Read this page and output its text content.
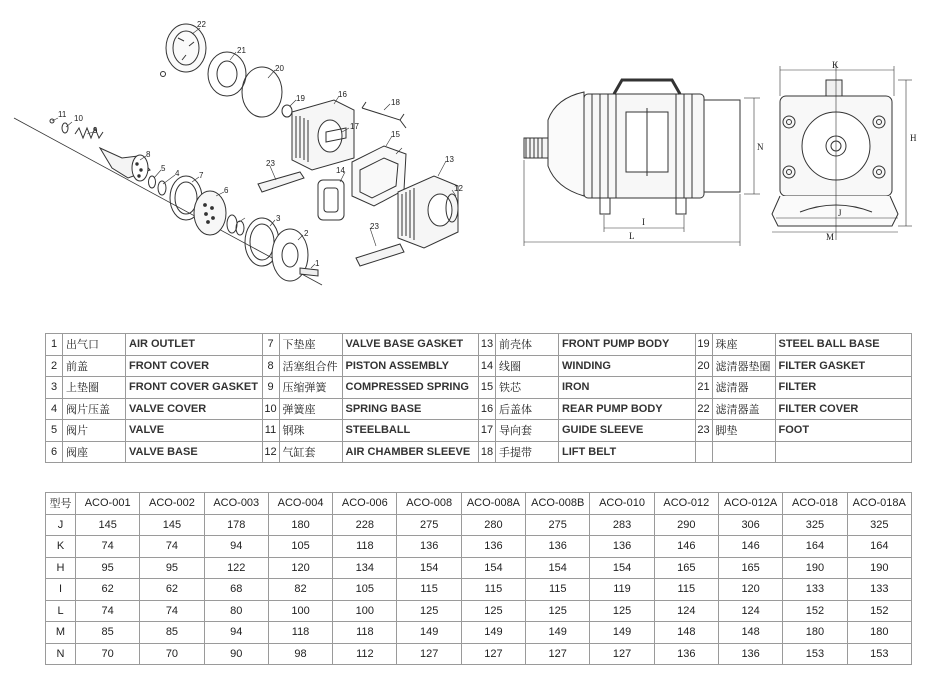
1
2
3
4
5
6
7
8
9
10
11
12
13
14
15
16
17
18
19
20
21
22
23
23
N
I
L
K
H
J
M
1	出气口	AIR OUTLET	7	下垫座	VALVE BASE GASKET	13	前壳体	FRONT PUMP BODY	19	珠座	STEEL BALL BASE
2	前盖	FRONT COVER	8	活塞组合件	PISTON ASSEMBLY	14	线圈	WINDING	20	滤清器垫圈	FILTER GASKET
3	上垫圈	FRONT COVER GASKET	9	压缩弹簧	COMPRESSED SPRING	15	铁芯	IRON	21	滤清器	FILTER
4	阀片压盖	VALVE COVER	10	弹簧座	SPRING BASE	16	后盖体	REAR PUMP BODY	22	滤清器盖	FILTER COVER
5	阀片	VALVE	11	钢珠	STEELBALL	17	导向套	GUIDE SLEEVE	23	脚垫	FOOT
6	阀座	VALVE BASE	12	气缸套	AIR CHAMBER SLEEVE	18	手提带	LIFT BELT			
型号	ACO-001	ACO-002	ACO-003	ACO-004	ACO-006	ACO-008	ACO-008A	ACO-008B	ACO-010	ACO-012	ACO-012A	ACO-018	ACO-018A
J	145	145	178	180	228	275	280	275	283	290	306	325	325
K	74	74	94	105	118	136	136	136	136	146	146	164	164
H	95	95	122	120	134	154	154	154	154	165	165	190	190
I	62	62	68	82	105	115	115	115	119	115	120	133	133
L	74	74	80	100	100	125	125	125	125	124	124	152	152
M	85	85	94	118	118	149	149	149	149	148	148	180	180
N	70	70	90	98	112	127	127	127	127	136	136	153	153
